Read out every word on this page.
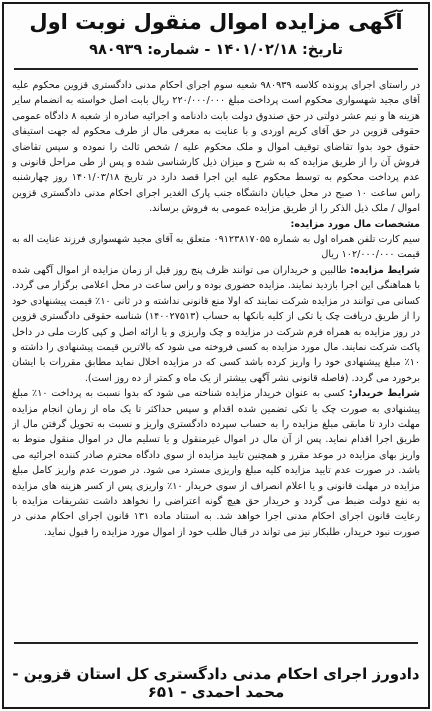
آگهی مزایده اموال منقول نوبت اول
تاریخ: ۱۴۰۱/۰۲/۱۸ - شماره: ۹۸۰۹۳۹

در راستای اجرای پرونده کلاسه ۹۸۰۹۳۹ شعبه سوم اجرای احکام مدنی دادگستری قزوین محکوم علیه آقای مجید شهسواری محکوم است پرداخت مبلغ ۲۲۰/۰۰۰/۰۰۰ ریال بابت اصل خواسته به انضمام سایر هزینه ها و نیم عشر دولتی در حق صندوق دولت بابت دادنامه و اجرائیه صادره از شعبه ۸ دادگاه عمومی حقوقی قزوین در حق آقای کریم اوردی و با عنایت به معرفی مال از طرف محکوم له جهت استیفای حقوق خود بدوا تقاضای توقیف اموال و ملک محکوم علیه / شخص ثالث را نموده و سپس تقاضای فروش آن را از طریق مزایده که به شرح و میزان ذیل کارشناسی شده و پس از طی مراحل قانونی و عدم پرداخت محکوم به توسط محکوم علیه این اجرا قصد دارد در تاریخ ۱۴۰۱/۰۳/۱۸ روز چهارشنبه راس ساعت ۱۰ صبح در محل خیابان دانشگاه جنب پارک الغدیر اجرای احکام مدنی دادگستری قزوین اموال / ملک ذیل الذکر را از طریق مزایده عمومی به فروش برساند.

مشخصات مال مورد مزایده:

سیم کارت تلفن همراه اول به شماره ۰۹۱۲۳۸۱۷۰۵۵ متعلق به آقای مجید شهسواری فرزند عنایت اله به قیمت ۱۰۲/۰۰۰/۰۰۰ ریال

شرایط مزایده: طالبین و خریداران می توانند ظرف پنج روز قبل از زمان مزایده از اموال آگهی شده با هماهنگی این اجرا بازدید نمایند. مزایده حضوری بوده و راس ساعت در محل اعلامی برگزار می گردد. کسانی می توانند در مزایده شرکت نمایند که اولا منع قانونی نداشته و در ثانی ۱۰٪ قیمت پیشنهادی خود را از طریق دریافت چک یا تکی از کلیه بانکها به حساب (۱۴۰۰۲۷۵۱۳) شناسه حقوقی دادگستری قزوین در روز مزایده به همراه فرم شرکت در مزایده و چک واریزی و یا ارائه اصل و کپی کارت ملی در داخل پاکت شرکت نمایند. مال مورد مزایده به کسی فروخته می شود که بالاترین قیمت پیشنهادی را داشته و ۱۰٪ مبلغ پیشنهادی خود را واریز کرده باشد کسی که در مزایده اخلال نماید مطابق مقررات با ایشان برخورد می گردد. (فاصله قانونی نشر آگهی بیشتر از یک ماه و کمتر از ده روز است).

شرایط خریدار: کسی به عنوان خریدار مزایده شناخته می شود که بدوا نسبت به پرداخت ۱۰٪ مبلغ پیشنهادی به صورت چک یا تکی تضمین شده اقدام و سپس حداکثر تا یک ماه از زمان انجام مزایده مهلت دارد تا مابقی مبلغ مزایده را به حساب سپرده دادگستری واریز و نسبت به تحویل گرفتن مال از طریق اجرا اقدام نماید. پس از آن مال در اموال غیرمنقول و یا تسلیم مال در اموال منقول منوط به واریز بهای مزایده در موعد مقرر و همچنین تایید مزایده از سوی دادگاه محترم صادر کننده اجرائیه می باشد. در صورت عدم تایید مزایده کلیه مبلغ واریزی مسترد می شود. در صورت عدم واریز کامل مبلغ مزایده در مهلت قانونی و یا اعلام انصراف از سوی خریدار ۱۰٪ واریزی پس از کسر هزینه های مزایده به نفع دولت ضبط می گردد و خریدار حق هیچ گونه اعتراضی را نخواهد داشت تشریفات مزایده با رعایت قانون اجرای احکام مدنی اجرا خواهد شد. به استناد ماده ۱۳۱ قانون اجرای احکام مدنی در صورت نبود خریدار، طلبکار نیز می تواند در قبال طلب خود از اموال مورد مزایده را قبول نماید.

دادورز اجرای احکام مدنی دادگستری کل استان قزوین - محمد احمدی - ۶۵۱
